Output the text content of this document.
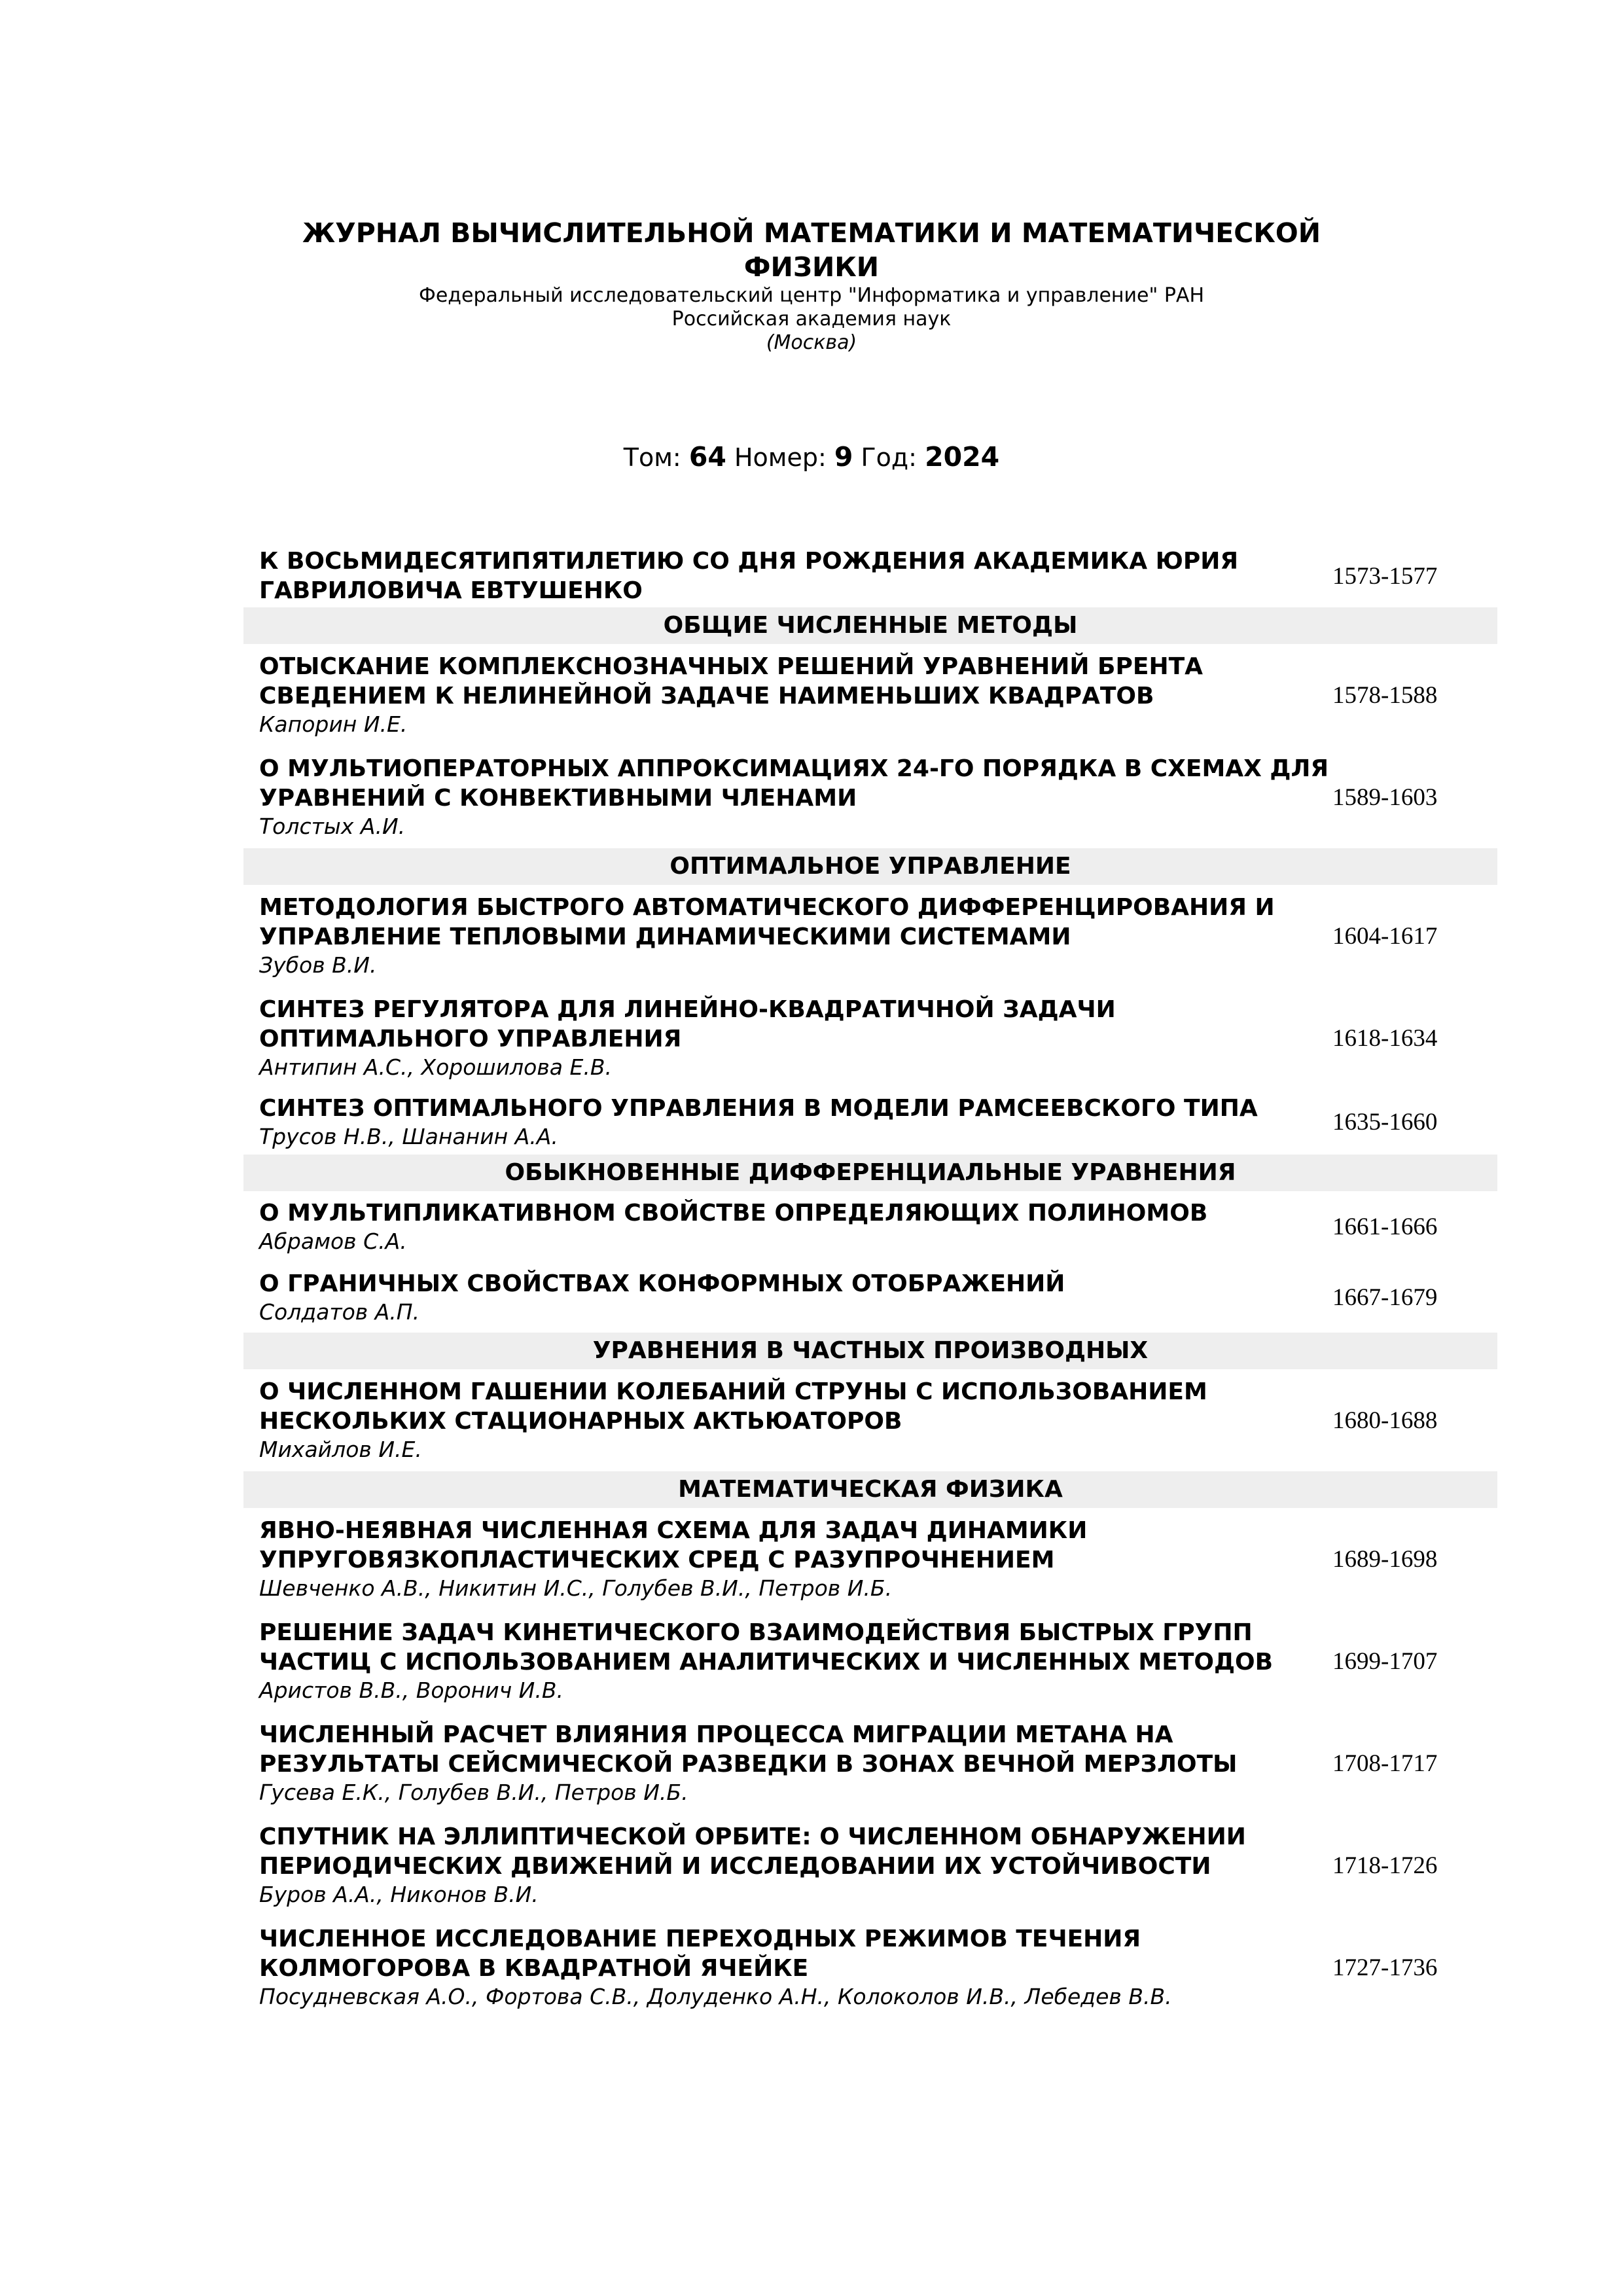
ЖУРНАЛ ВЫЧИСЛИТЕЛЬНОЙ МАТЕМАТИКИ И МАТЕМАТИЧЕСКОЙ
ФИЗИКИ
Федеральный исследовательский центр "Информатика и управление" РАН
Российская академия наук
(Москва)
Том: 64 Номер: 9 Год: 2024
К ВОСЬМИДЕСЯТИПЯТИЛЕТИЮ СО ДНЯ РОЖДЕНИЯ АКАДЕМИКА ЮРИЯ ГАВРИЛОВИЧА ЕВТУШЕНКО
1573-1577
ОБЩИЕ ЧИСЛЕННЫЕ МЕТОДЫ
ОТЫСКАНИЕ КОМПЛЕКСНОЗНАЧНЫХ РЕШЕНИЙ УРАВНЕНИЙ БРЕНТА СВЕДЕНИЕМ К НЕЛИНЕЙНОЙ ЗАДАЧЕ НАИМЕНЬШИХ КВАДРАТОВ
Капорин И.Е.
1578-1588
О МУЛЬТИОПЕРАТОРНЫХ АППРОКСИМАЦИЯХ 24-ГО ПОРЯДКА В СХЕМАХ ДЛЯ УРАВНЕНИЙ С КОНВЕКТИВНЫМИ ЧЛЕНАМИ
Толстых А.И.
1589-1603
ОПТИМАЛЬНОЕ УПРАВЛЕНИЕ
МЕТОДОЛОГИЯ БЫСТРОГО АВТОМАТИЧЕСКОГО ДИФФЕРЕНЦИРОВАНИЯ И УПРАВЛЕНИЕ ТЕПЛОВЫМИ ДИНАМИЧЕСКИМИ СИСТЕМАМИ
Зубов В.И.
1604-1617
СИНТЕЗ РЕГУЛЯТОРА ДЛЯ ЛИНЕЙНО-КВАДРАТИЧНОЙ ЗАДАЧИ ОПТИМАЛЬНОГО УПРАВЛЕНИЯ
Антипин А.С., Хорошилова Е.В.
1618-1634
СИНТЕЗ ОПТИМАЛЬНОГО УПРАВЛЕНИЯ В МОДЕЛИ РАМСЕЕВСКОГО ТИПА
Трусов Н.В., Шананин А.А.
1635-1660
ОБЫКНОВЕННЫЕ ДИФФЕРЕНЦИАЛЬНЫЕ УРАВНЕНИЯ
О МУЛЬТИПЛИКАТИВНОМ СВОЙСТВЕ ОПРЕДЕЛЯЮЩИХ ПОЛИНОМОВ
Абрамов С.А.
1661-1666
О ГРАНИЧНЫХ СВОЙСТВАХ КОНФОРМНЫХ ОТОБРАЖЕНИЙ
Солдатов А.П.
1667-1679
УРАВНЕНИЯ В ЧАСТНЫХ ПРОИЗВОДНЫХ
О ЧИСЛЕННОМ ГАШЕНИИ КОЛЕБАНИЙ СТРУНЫ С ИСПОЛЬЗОВАНИЕМ НЕСКОЛЬКИХ СТАЦИОНАРНЫХ АКТЬЮАТОРОВ
Михайлов И.Е.
1680-1688
МАТЕМАТИЧЕСКАЯ ФИЗИКА
ЯВНО-НЕЯВНАЯ ЧИСЛЕННАЯ СХЕМА ДЛЯ ЗАДАЧ ДИНАМИКИ УПРУГОВЯЗКОПЛАСТИЧЕСКИХ СРЕД С РАЗУПРОЧНЕНИЕМ
Шевченко А.В., Никитин И.С., Голубев В.И., Петров И.Б.
1689-1698
РЕШЕНИЕ ЗАДАЧ КИНЕТИЧЕСКОГО ВЗАИМОДЕЙСТВИЯ БЫСТРЫХ ГРУПП ЧАСТИЦ С ИСПОЛЬЗОВАНИЕМ АНАЛИТИЧЕСКИХ И ЧИСЛЕННЫХ МЕТОДОВ
Аристов В.В., Воронич И.В.
1699-1707
ЧИСЛЕННЫЙ РАСЧЕТ ВЛИЯНИЯ ПРОЦЕССА МИГРАЦИИ МЕТАНА НА РЕЗУЛЬТАТЫ СЕЙСМИЧЕСКОЙ РАЗВЕДКИ В ЗОНАХ ВЕЧНОЙ МЕРЗЛОТЫ
Гусева Е.К., Голубев В.И., Петров И.Б.
1708-1717
СПУТНИК НА ЭЛЛИПТИЧЕСКОЙ ОРБИТЕ: О ЧИСЛЕННОМ ОБНАРУЖЕНИИ ПЕРИОДИЧЕСКИХ ДВИЖЕНИЙ И ИССЛЕДОВАНИИ ИХ УСТОЙЧИВОСТИ
Буров А.А., Никонов В.И.
1718-1726
ЧИСЛЕННОЕ ИССЛЕДОВАНИЕ ПЕРЕХОДНЫХ РЕЖИМОВ ТЕЧЕНИЯ КОЛМОГОРОВА В КВАДРАТНОЙ ЯЧЕЙКЕ
Посудневская А.О., Фортова С.В., Долуденко А.Н., Колоколов И.В., Лебедев В.В.
1727-1736
